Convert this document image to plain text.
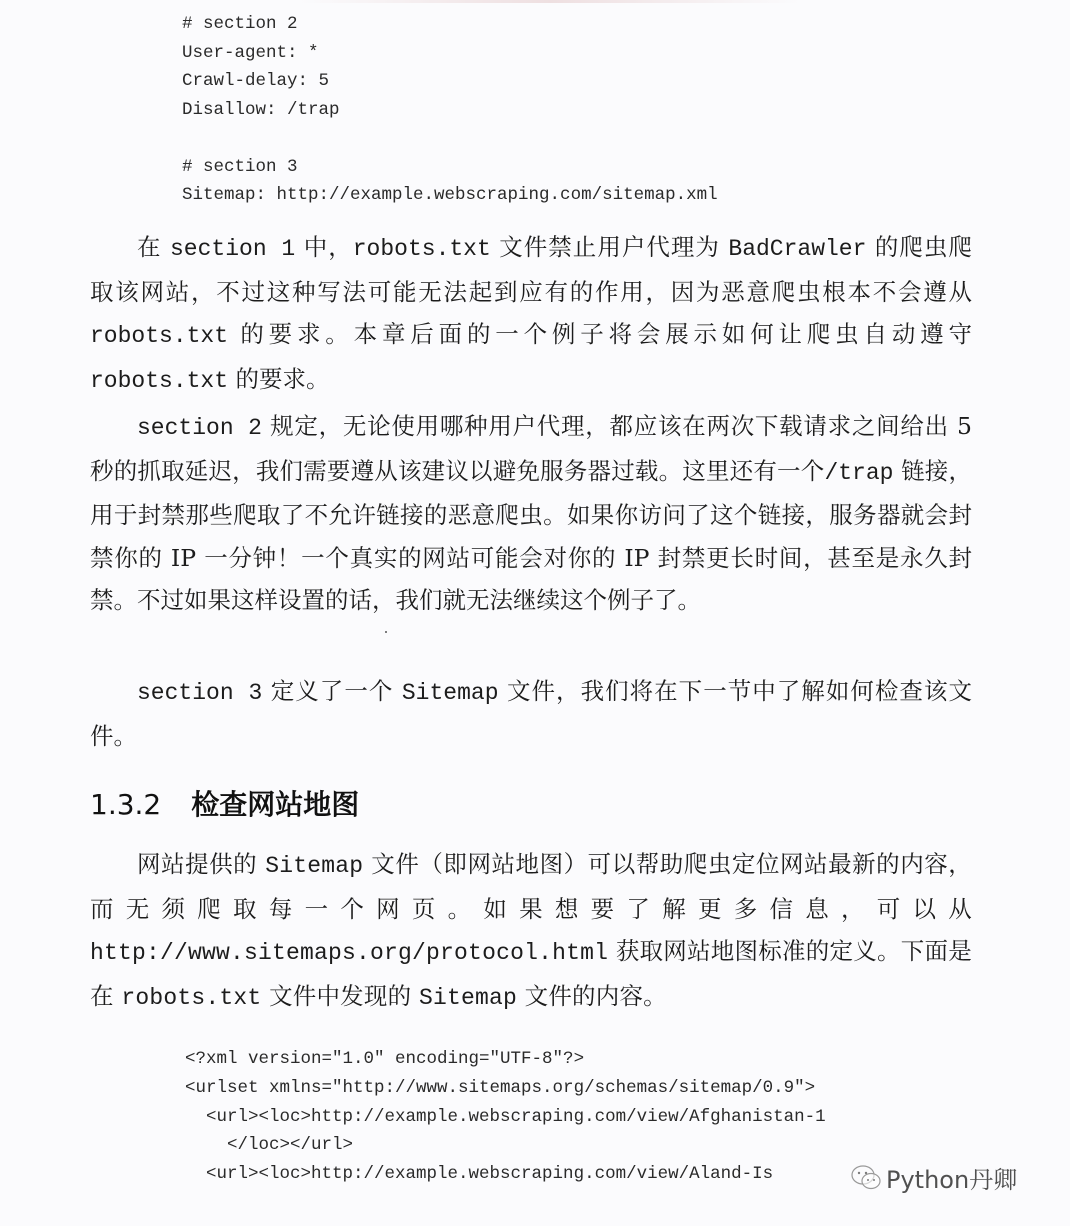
# section 2
User-agent: *
Crawl-delay: 5
Disallow: /trap
# section 3
Sitemap: http://example.webscraping.com/sitemap.xml

在 section 1 中，robots.txt 文件禁止用户代理为 BadCrawler 的爬虫爬取该网站，不过这种写法可能无法起到应有的作用，因为恶意爬虫根本不会遵从 robots.txt 的要求。本章后面的一个例子将会展示如何让爬虫自动遵守 robots.txt 的要求。

section 2 规定，无论使用哪种用户代理，都应该在两次下载请求之间给出 5 秒的抓取延迟，我们需要遵从该建议以避免服务器过载。这里还有一个/trap 链接，用于封禁那些爬取了不允许链接的恶意爬虫。如果你访问了这个链接，服务器就会封禁你的 IP 一分钟！一个真实的网站可能会对你的 IP 封禁更长时间，甚至是永久封禁。不过如果这样设置的话，我们就无法继续这个例子了。

section 3 定义了一个 Sitemap 文件，我们将在下一节中了解如何检查该文件。

1.3.2 检查网站地图

网站提供的 Sitemap 文件（即网站地图）可以帮助爬虫定位网站最新的内容，而无须爬取每一个网页。如果想要了解更多信息，可以从 http://www.sitemaps.org/protocol.html 获取网站地图标准的定义。下面是在 robots.txt 文件中发现的 Sitemap 文件的内容。

<?xml version="1.0" encoding="UTF-8"?>
<urlset xmlns="http://www.sitemaps.org/schemas/sitemap/0.9">
<url><loc>http://example.webscraping.com/view/Afghanistan-1
</loc></url>
<url><loc>http://example.webscraping.com/view/Aland-Is	Python丹卿
